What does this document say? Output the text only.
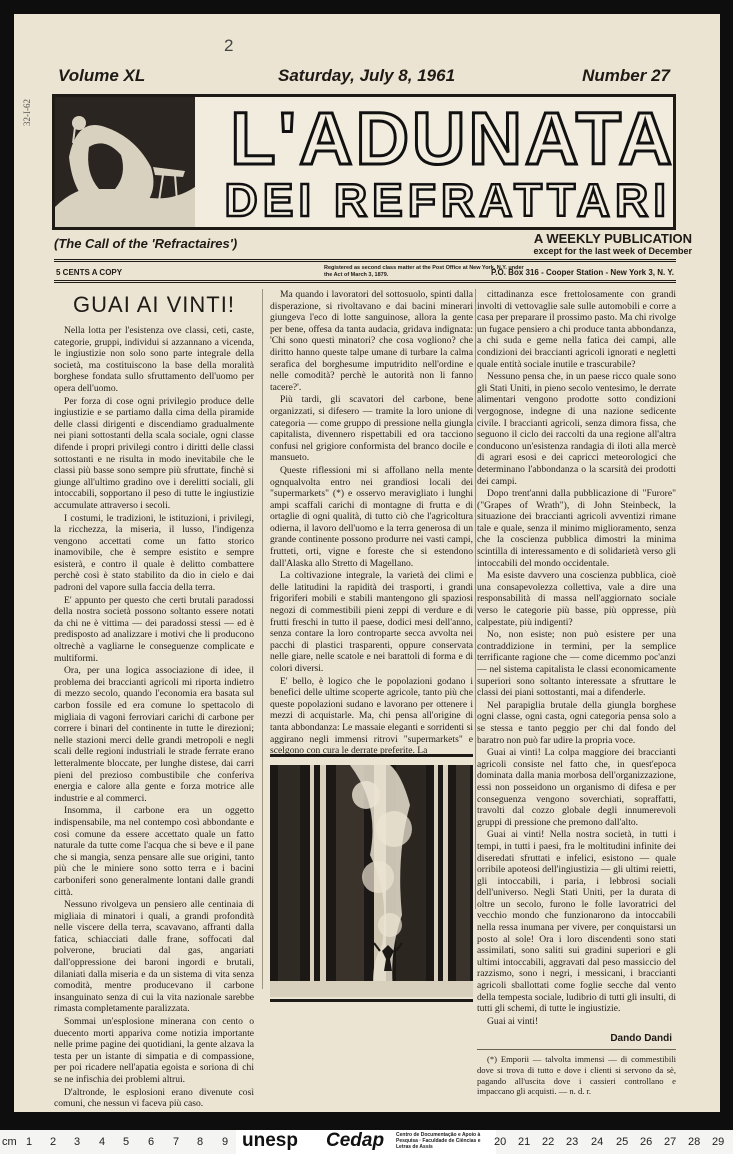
2
32-I-62
Volume XL	Saturday, July 8, 1961	Number 27
L'ADUNATA
DEI REFRATTARI
(The Call of the 'Refractaires')	A WEEKLY PUBLICATION
except for the last week of December
5 CENTS A COPY	Registered as second class matter at the Post Office at New York, N.Y. under the Act of March 3, 1879.	P.O. Box 316 - Cooper Station - New York 3, N. Y.
GUAI AI VINTI!

Nella lotta per l'esistenza ove classi, ceti, caste, categorie, gruppi, individui si azzannano a vicenda, le ingiustizie non solo sono parte integrale della società, ma costituiscono la base della moralità borghese fondata sullo sfruttamento dell'uomo per opera dell'uomo.

Per forza di cose ogni privilegio produce delle ingiustizie e se partiamo dalla cima della piramide delle classi dirigenti e discendiamo gradualmente nei piani sottostanti della scala sociale, ogni classe difende i propri privilegi contro i diritti delle classi sottostanti e ne risulta in modo inevitabile che le classi più basse sono sempre più sfruttate, finchè si giunge all'ultimo gradino ove i derelitti sociali, gli intoccabili, sopportano il peso di tutte le ingiustizie accumulate attraverso i secoli.

I costumi, le tradizioni, le istituzioni, i privilegi, la ricchezza, la miseria, il lusso, l'indigenza vengono accettati come un fatto storico inamovibile, che è sempre esistito e sempre esisterà, e contro il quale è delitto combattere perchè così è stato stabilito da dio in cielo e dai padroni del vapore sulla faccia della terra.

E' appunto per questo che certi brutali paradossi della nostra società possono soltanto essere notati da chi ne è vittima — dei paradossi stessi — ed è predisposto ad analizzare i motivi che li producono oltrechè a vagliarne le conseguenze complicate e multiformi.

Ora, per una logica associazione di idee, il problema dei braccianti agricoli mi riporta indietro di mezzo secolo, quando l'economia era basata sul carbon fossile ed era comune lo spettacolo di migliaia di vagoni ferroviari carichi di carbone per correre i binari del continente in tutte le direzioni; nelle stazioni merci delle grandi metropoli e negli scali delle regioni industriali le strade ferrate erano letteralmente bloccate, per lunghe distese, dai carri pieni del prezioso combustibile che conferiva energia e calore alla gente e forza motrice alle industrie e al commerci.

Insomma, il carbone era un oggetto indispensabile, ma nel contempo così abbondante e così comune da essere accettato quale un fatto naturale da tutte come l'acqua che si beve e il pane che si mangia, senza pensare alle sue origini, tanto più che le miniere sono sotto terra e i bacini carboniferi sono generalmente lontani dalle grandi città.

Nessuno rivolgeva un pensiero alle centinaia di migliaia di minatori i quali, a grandi profondità nelle viscere della terra, scavavano, affranti dalla fatica, schiacciati dalle frane, soffocati dal polverone, bruciati dal gas, angariati dall'oppressione dei baroni ingordi e brutali, dilaniati dalla miseria e da un sistema di vita senza comodità, mentre producevano il carbone insanguinato senza di cui la vita nazionale sarebbe rimasta completamente paralizzata.

Sommai un'esplosione minerana con cento o duecento morti appariva come notizia importante nelle prime pagine dei quotidiani, la gente alzava la testa per un istante di simpatia e di compassione, per poi ricadere nell'apatia egoista e sorionа di chi se ne infischia dei problemi altrui.

D'altronde, le esplosioni erano divenute così comuni, che nessun vi faceva più caso.

Ma quando i lavoratori del sottosuolo, spinti dalla disperazione, si rivoltavano e dai bacini minerari giungeva l'eco di lotte sanguinose, allora la gente per bene, offesa da tanta audacia, gridava indignata: 'Chi sono questi minatori? che cosa vogliono? che diritto hanno queste talpe umane di turbare la calma serafica del borghesume imputridito nell'ordine e nelle comodità? perchè le autorità non li fanno tacere?'.

Più tardi, gli scavatori del carbone, bene organizzati, si difesero — tramite la loro unione di categoria — come gruppo di pressione nella giungla capitalista, divennero rispettabili ed ora tacciono confusi nel grigiore conformista del branco docile e mansueto.

Queste riflessioni mi si affollano nella mente ognqualvolta entro nei grandiosi locali dei "supermarkets" (*) e osservo meravigliato i lunghi ampi scaffali carichi di montagne di frutta e di ortaglie di ogni qualità, di tutto ciò che l'agricoltura odierna, il lavoro dell'uomo e la terra generosa di un grande continente possono produrre nei vasti campi, frutteti, orti, vigne e foreste che si estendono dall'Alaska allo Stretto di Magellano.

La coltivazione integrale, la varietà dei climi e delle latitudini la rapidità dei trasporti, i grandi frigoriferi mobili e stabili mantengono gli spaziosi negozi di commestibili pieni zeppi di verdure e di frutti freschi in tutto il paese, dodici mesi dell'anno, senza contare la loro controparte secca avvolta nei pacchi di plastici trasparenti, oppure conservata nelle giare, nelle scatole e nei barattoli di forma e di colori diversi.

E' bello, è logico che le popolazioni godano i benefici delle ultime scoperte agricole, tanto più che queste popolazioni sudano e lavorano per ottenere i mezzi di acquistarle. Ma, chi pensa all'origine di tanta abbondanza: Le massaie eleganti e sorridenti si aggirano negli immensi ritrovi "supermarkets" e scelgono con cura le derrate preferite. La

cittadinanza esce frettolosamente con grandi involti di vettovaglie sale sulle automobili e corre a casa per preparare il prossimo pasto. Ma chi rivolge un fugace pensiero a chi produce tanta abbondanza, a chi suda e geme nella fatica dei campi, alle condizioni dei braccianti agricoli ignorati e negletti quale entità sociale inutile e trascurabile?

Nessuno pensa che, in un paese ricco quale sono gli Stati Uniti, in pieno secolo ventesimo, le derrate alimentari vengono prodotte sotto condizioni vergognose, indegne di una nazione sedicente civile. I braccianti agricoli, senza dimora fissa, che seguono il ciclo dei raccolti da una regione all'altra conducono un'esistenza randagia di iloti alla mercè di agrari esosi e dei capricci meteorologici che determinano l'abbondanza o la scarsità dei prodotti dei campi.

Dopo trent'anni dalla pubblicazione di "Furore" ("Grapes of Wrath"), di John Steinbeck, la situazione dei braccianti agricoli avventizi rimane tale e quale, senza il minimo miglioramento, senza che la coscienza pubblica dimostri la minima scintilla di interessamento e di solidarietà verso gli intoccabili del mondo occidentale.

Ma esiste davvero una coscienza pubblica, cioè una consapevolezza collettiva, vale a dire una responsabilità di massa nell'aggiornato sociale verso le categorie più basse, più oppresse, più calpestate, più indigenti?

No, non esiste; non può esistere per una contraddizione in termini, per la semplice terrificante ragione che — come dicemmo poc'anzi — nel sistema capitalista le classi economicamente superiori sono soltanto interessate a sfruttare le classi dei piani sottostanti, mai a difenderle.

Nel parapiglia brutale della giungla borghese ogni classe, ogni casta, ogni categoria pensa solo a se stessa e tanto peggio per chi dal fondo del baratro non può far udire la propria voce.

Guai ai vinti! La colpa maggiore dei braccianti agricoli consiste nel fatto che, in quest'epoca dominata dalla mania morbosa dell'organizzazione, essi non posseidono un organismo di difesa e per conseguenza vengono soverchiati, sopraffatti, travolti dal cozzo globale degli innumerevoli gruppi di pressione che premono dall'alto.

Guai ai vinti! Nella nostra società, in tutti i tempi, in tutti i paesi, fra le moltitudini infinite dei diseredati sfruttati e infelici, esistono — quale orribile apoteosi dell'ingiustizia — gli ultimi reietti, gli intoccabili, i paria, i lebbrosi sociali dell'universo. Negli Stati Uniti, per la durata di oltre un secolo, furono le folle lavoratrici del vecchio mondo che funzionarono da intoccabili nella ressa inumana per vivere, per conquistarsi un posto al sole! Ora i loro discendenti sono stati assimilati, sono saliti sui gradini superiori e gli ultimi intoccabili, aggravati dal peso massiccio del razzismo, sono i negri, i messicani, i braccianti agricoli sballottati come foglie secche dal vento della tempesta sociale, ludibrio di tutti gli insulti, di tutti gli schemi, di tutte le ingiustizie.

Guai ai vinti!

Dando Dandi

(*) Emporii — talvolta immensi — di commestibili dove si trova di tutto e dove i clienti si servono da sè, pagando all'uscita dove i cassieri controllano e impaccano gli acquisti. — n. d. r.

cm 1 2 3 4 5 6 7 8 9 unesp Cedap Centro de Documentação e Apoio à Pesquisa · Faculdade de Ciências e Letras de Assis	20 21 22 23 24 25 26 27 28 29
